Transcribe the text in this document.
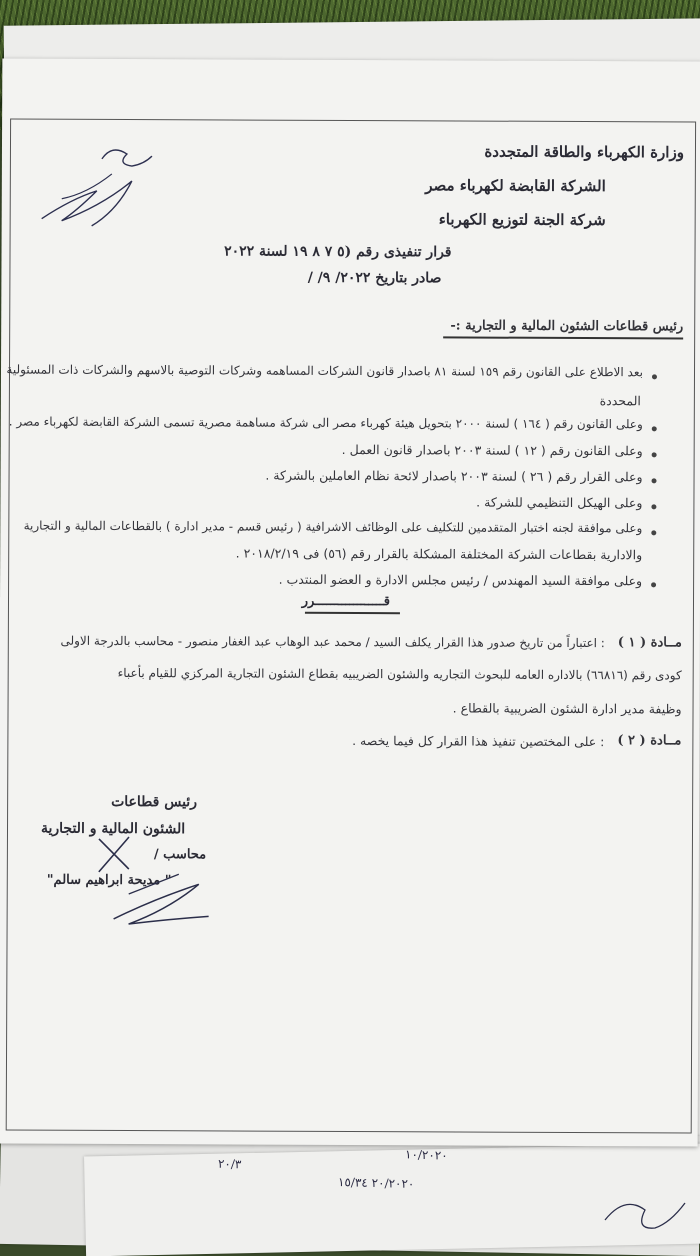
وزارة الكهرباء والطاقة المتجددة
الشركة القابضة لكهرباء مصر
شركة الجنة لتوزيع الكهرباء
قرار تنفيذى رقم (٥ ٧ ٨ ١٩ لسنة ٢٠٢٢
صادر بتاريخ ٢٠٢٢/ ٩/ /
رئيس قطاعات الشئون المالية و التجارية :-
بعد الاطلاع على القانون رقم ١٥٩ لسنة ٨١ باصدار قانون الشركات المساهمه وشركات التوصية بالاسهم والشركات ذات المسئولية
المحددة
وعلى القانون رقم ( ١٦٤ ) لسنة ٢٠٠٠ بتحويل هيئة كهرباء مصر الى شركة مساهمة مصرية تسمى الشركة القابضة لكهرباء مصر .
وعلى القانون رقم ( ١٢ ) لسنة ٢٠٠٣ باصدار قانون العمل .
وعلى القرار رقم ( ٢٦ ) لسنة ٢٠٠٣ باصدار لائحة نظام العاملين بالشركة .
وعلى الهيكل التنظيمي للشركة .
وعلى موافقة لجنه اختبار المتقدمين للتكليف على الوظائف الاشرافية ( رئيس قسم - مدير ادارة ) بالقطاعات المالية و التجارية
والادارية بقطاعات الشركة المختلفة المشكلة بالقرار رقم (٥٦) فى ٢٠١٨/٢/١٩ .
وعلى موافقة السيد المهندس / رئيس مجلس الادارة و العضو المنتدب .
قــــــــــــــــــرر
مــادة ( ١ )
: اعتباراً من تاريخ صدور هذا القرار يكلف السيد / محمد عبد الوهاب عبد الغفار منصور - محاسب بالدرجة الاولى
كودى رقم (٦٦٨١٦) بالاداره العامه للبحوث التجاريه والشئون الضريبيه بقطاع الشئون التجارية المركزي للقيام بأعباء
وظيفة مدير ادارة الشئون الضريبية بالقطاع .
مــادة ( ٢ )
: على المختصين تنفيذ هذا القرار كل فيما يخصه .
رئيس قطاعات
الشئون المالية و التجارية
محاسب /
" مديحة ابراهيم سالم"
١٠/٢٠٢٠
٢٠/٢٠٢٠ ١٥/٣٤
٢٠/٣
